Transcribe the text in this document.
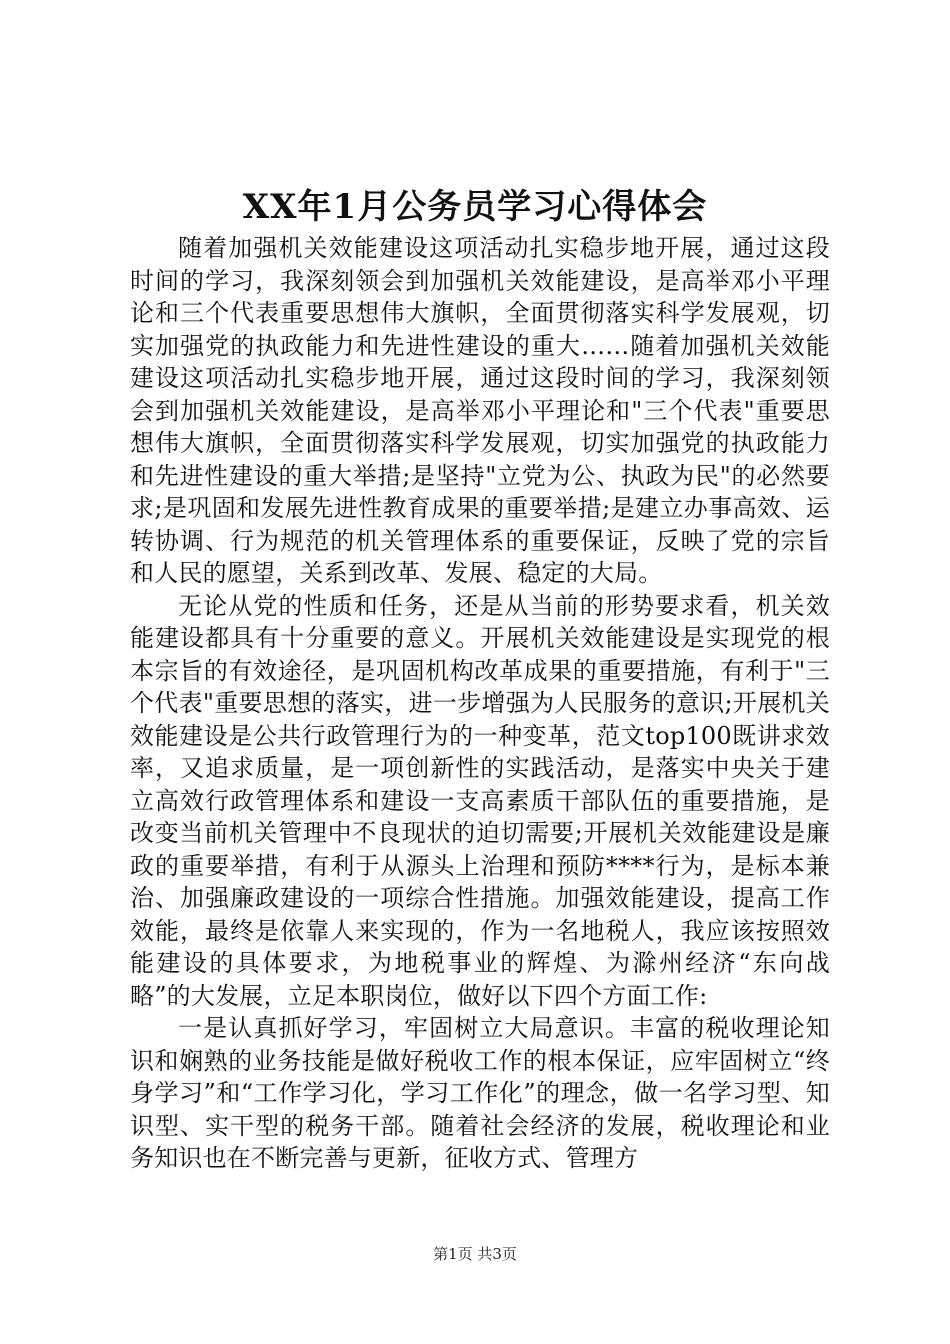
XX年1月公务员学习心得体会

随着加强机关效能建设这项活动扎实稳步地开展，通过这段时间的学习，我深刻领会到加强机关效能建设，是高举邓小平理论和三个代表重要思想伟大旗帜，全面贯彻落实科学发展观，切实加强党的执政能力和先进性建设的重大……随着加强机关效能建设这项活动扎实稳步地开展，通过这段时间的学习，我深刻领会到加强机关效能建设，是高举邓小平理论和"三个代表"重要思想伟大旗帜，全面贯彻落实科学发展观，切实加强党的执政能力和先进性建设的重大举措;是坚持"立党为公、执政为民"的必然要求;是巩固和发展先进性教育成果的重要举措;是建立办事高效、运转协调、行为规范的机关管理体系的重要保证，反映了党的宗旨和人民的愿望，关系到改革、发展、稳定的大局。

无论从党的性质和任务，还是从当前的形势要求看，机关效能建设都具有十分重要的意义。开展机关效能建设是实现党的根本宗旨的有效途径，是巩固机构改革成果的重要措施，有利于"三个代表"重要思想的落实，进一步增强为人民服务的意识;开展机关效能建设是公共行政管理行为的一种变革，范文top100既讲求效率，又追求质量，是一项创新性的实践活动，是落实中央关于建立高效行政管理体系和建设一支高素质干部队伍的重要措施，是改变当前机关管理中不良现状的迫切需要;开展机关效能建设是廉政的重要举措，有利于从源头上治理和预防****行为，是标本兼治、加强廉政建设的一项综合性措施。加强效能建设，提高工作效能，最终是依靠人来实现的，作为一名地税人，我应该按照效能建设的具体要求，为地税事业的辉煌、为滁州经济“东向战略”的大发展，立足本职岗位，做好以下四个方面工作:

一是认真抓好学习，牢固树立大局意识。丰富的税收理论知识和娴熟的业务技能是做好税收工作的根本保证，应牢固树立“终身学习”和“工作学习化，学习工作化”的理念，做一名学习型、知识型、实干型的税务干部。随着社会经济的发展，税收理论和业务知识也在不断完善与更新，征收方式、管理方

第1页 共3页
